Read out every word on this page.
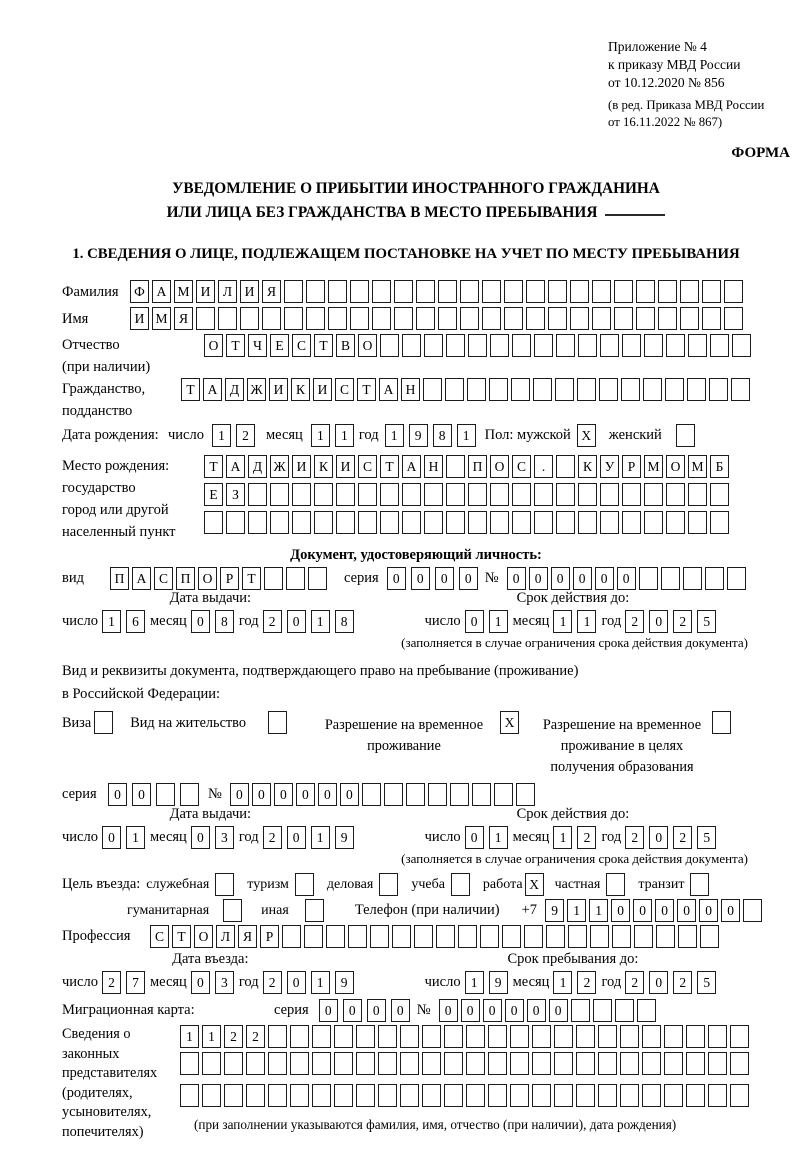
Приложение № 4
к приказу МВД России
от 10.12.2020 № 856
(в ред. Приказа МВД России
от 16.11.2022 № 867)
ФОРМА
УВЕДОМЛЕНИЕ О ПРИБЫТИИ ИНОСТРАННОГО ГРАЖДАНИНА
ИЛИ ЛИЦА БЕЗ ГРАЖДАНСТВА В МЕСТО ПРЕБЫВАНИЯ
1. СВЕДЕНИЯ О ЛИЦЕ, ПОДЛЕЖАЩЕМ ПОСТАНОВКЕ НА УЧЕТ ПО МЕСТУ ПРЕБЫВАНИЯ
Фамилия	Ф А М И Л И Я
Имя	И М Я
Отчество
(при наличии)
О Т Ч Е С Т В О
Гражданство,
подданство
Т А Д Ж И К И С Т А Н
Дата рождения: число	1	2	месяц	1	1 год 1	9	8	1	Пол: мужской X	женский
Место рождения:
государство
город или другой
населенный пункт
Т А Д Ж И К И С Т А Н	П О С	.	К У Р М О М Б

Е	З

Документ, удостоверяющий личность:
вид	П А С П О Р	Т	серия	0	0	0	0 №	0	0	0	0	0	0
Дата выдачи:
число 1	6 месяц 0	8 год 2	0	1	8
Срок действия до:
число 0	1 месяц 1	1 год 2	0	2	5
(заполняется в случае ограничения срока действия документа)
Вид и реквизиты документа, подтверждающего право на пребывание (проживание)
в Российской Федерации:
Виза	Вид на жительство	Разрешение на временное проживание
X	Разрешение на временное проживание в целях получения образования
серия	0	0	№	0	0	0	0	0	0
Дата выдачи:
число 0	1 месяц 0	3 год 2	0	1	9
Срок действия до:
число 0	1 месяц 1	2 год 2	0	2	5
(заполняется в случае ограничения срока действия документа)
Цель въезда: служебная	туризм	деловая	учеба	работа X	частная	транзит
гуманитарная	иная	Телефон (при наличии) +7	9	1	1	0	0	0	0	0	0
Профессия	С Т О Л Я	Р
Дата въезда:
число 2	7 месяц 0	3 год 2	0	1	9
Срок пребывания до:
число 1	9 месяц 1	2 год 2	0	2	5
Миграционная карта:	серия	0	0	0	0 №	0	0	0	0	0	0
Сведения о
законных
представителях
(родителях,
усыновителях,
попечителях)
1	1	2	2
(при заполнении указываются фамилия, имя, отчество (при наличии), дата рождения)
